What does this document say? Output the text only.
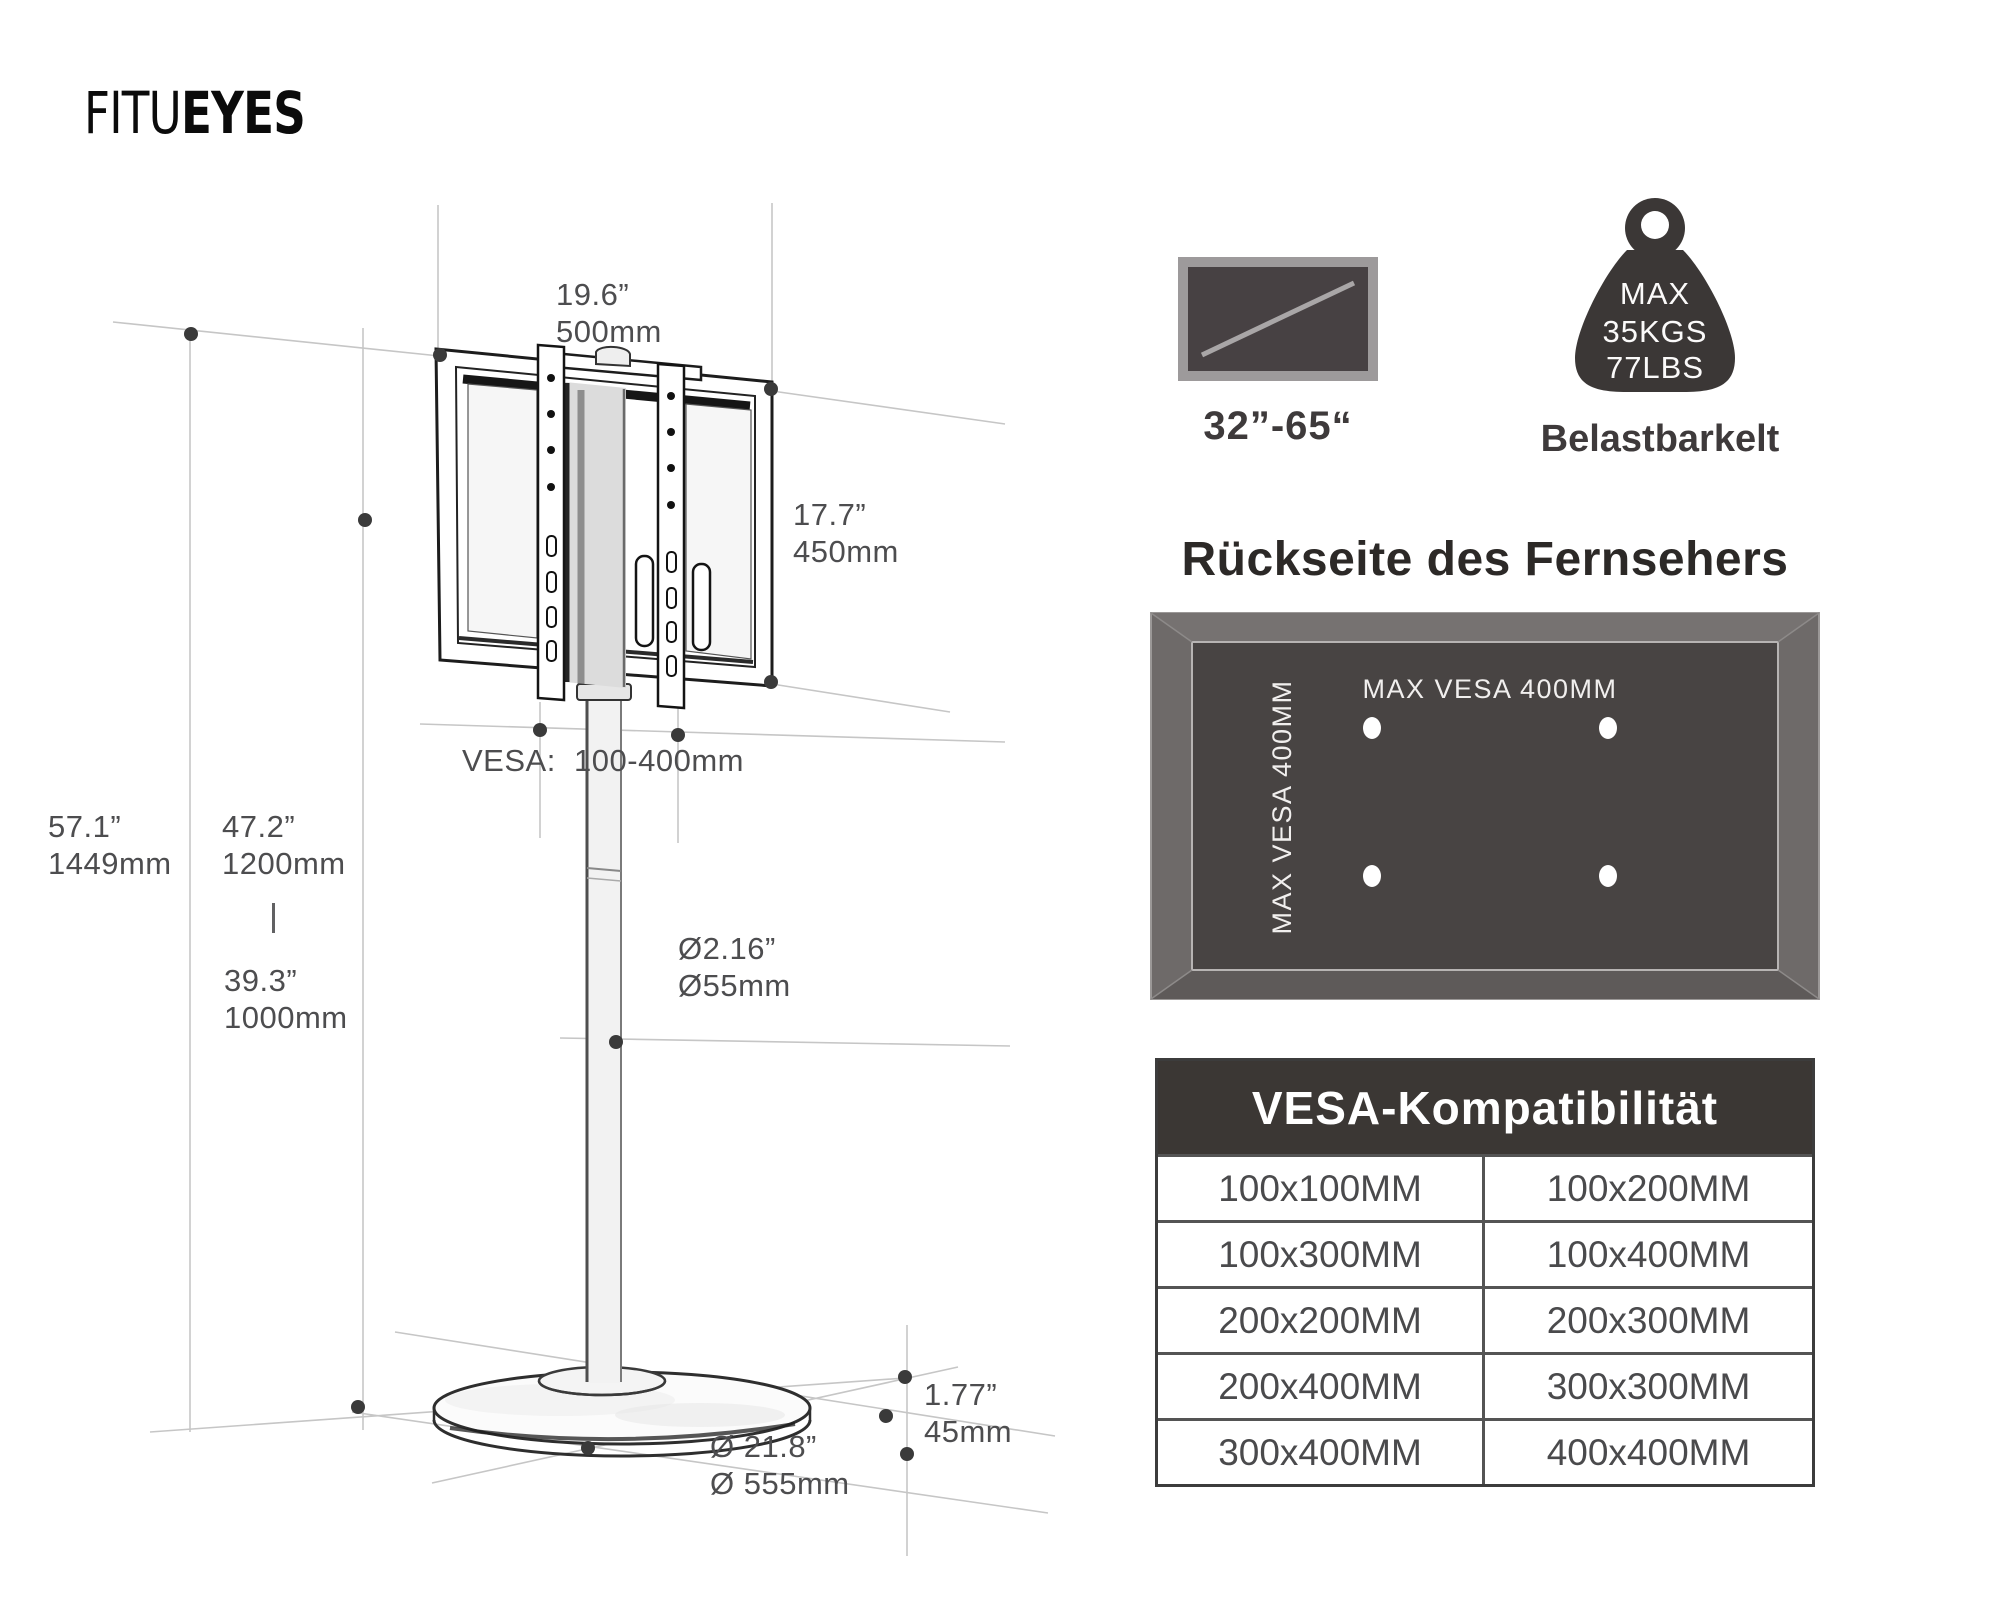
FITUEYES
19.6”
500mm
17.7”
450mm
VESA:  100-400mm
57.1”
1449mm
47.2”
1200mm
39.3”
1000mm
Ø2.16”
Ø55mm
1.77”
45mm
Ø 21.8”
Ø 555mm
32”-65“
MAX
35KGS
77LBS
Belastbarkelt
Rückseite des Fernsehers
MAX VESA 400MM
MAX VESA 400MM
VESA-Kompatibilität
100x100MM	100x200MM
100x300MM	100x400MM
200x200MM	200x300MM
200x400MM	300x300MM
300x400MM	400x400MM
